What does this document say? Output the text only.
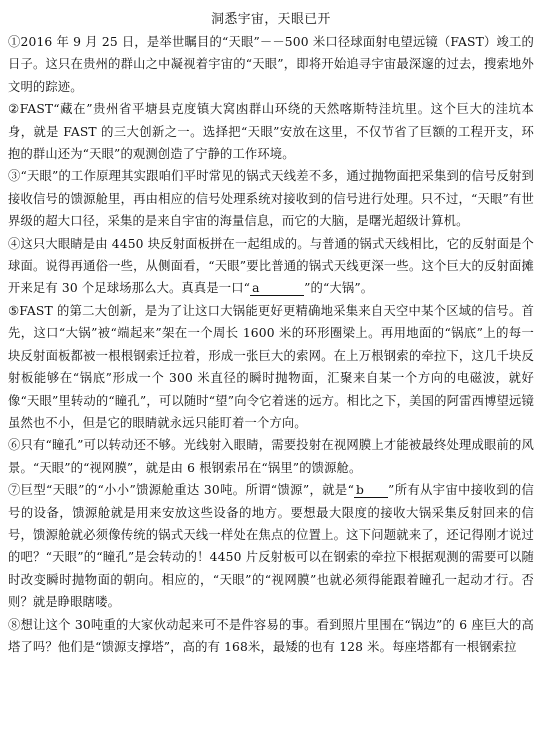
洞悉宇宙，天眼已开

①2016 年 9 月 25 日，是举世瞩目的“天眼”－－500 米口径球面射电望远镜（FAST）竣工的日子。这只在贵州的群山之中凝视着宇宙的“天眼”，即将开始追寻宇宙最深邃的过去，搜索地外文明的踪迹。

②FAST“藏在”贵州省平塘县克度镇大窝凼群山环绕的天然喀斯特洼坑里。这个巨大的洼坑本身，就是 FAST 的三大创新之一。选择把“天眼”安放在这里，不仅节省了巨额的工程开支，环抱的群山还为“天眼”的观测创造了宁静的工作环境。

③“天眼”的工作原理其实跟咱们平时常见的锅式天线差不多，通过抛物面把采集到的信号反射到接收信号的馈源舱里，再由相应的信号处理系统对接收到的信号进行处理。只不过，“天眼”有世界级的超大口径，采集的是来自宇宙的海量信息，而它的大脑，是曙光超级计算机。

④这只大眼睛是由 4450 块反射面板拼在一起组成的。与普通的锅式天线相比，它的反射面是个球面。说得再通俗一些，从侧面看，“天眼”要比普通的锅式天线更深一些。这个巨大的反射面摊开来足有 30 个足球场那么大。真真是一口“ a	”的“大锅”。

⑤FAST 的第二大创新，是为了让这口大锅能更好更精确地采集来自天空中某个区域的信号。首先，这口“大锅”被“端起来”架在一个周长 1600 米的环形圈梁上。再用地面的“锅底”上的每一块反射面板都被一根根钢索迁拉着，形成一张巨大的索网。在上万根钢索的牵拉下，这几千块反射板能够在“锅底”形成一个 300 米直径的瞬时抛物面，汇聚来自某一个方向的电磁波，就好像“天眼”里转动的“瞳孔”，可以随时“望”向令它着迷的远方。相比之下，美国的阿雷西博望远镜虽然也不小，但是它的眼睛就永远只能盯着一个方向。

⑥只有“瞳孔”可以转动还不够。光线射入眼睛，需要投射在视网膜上才能被最终处理成眼前的风景。“天眼”的“视网膜”，就是由 6 根钢索吊在“锅里”的馈源舱。

⑦巨型“天眼”的“小小”馈源舱重达 30吨。所谓“馈源”，就是“ b ”所有从宇宙中接收到的信号的设备，馈源舱就是用来安放这些设备的地方。要想最大限度的接收大锅采集反射回来的信号，馈源舱就必须像传统的锅式天线一样处在焦点的位置上。这下问题就来了，还记得刚才说过的吧？“天眼”的“瞳孔”是会转动的！4450 片反射板可以在钢索的牵拉下根据观测的需要可以随时改变瞬时抛物面的朝向。相应的，“天眼”的“视网膜”也就必须得能跟着瞳孔一起动才行。否则？就是睁眼瞎喽。

⑧想让这个 30吨重的大家伙动起来可不是件容易的事。看到照片里围在“锅边”的 6 座巨大的高塔了吗？他们是“馈源支撑塔”，高的有 168米，最矮的也有 128 米。每座塔都有一根钢索拉
